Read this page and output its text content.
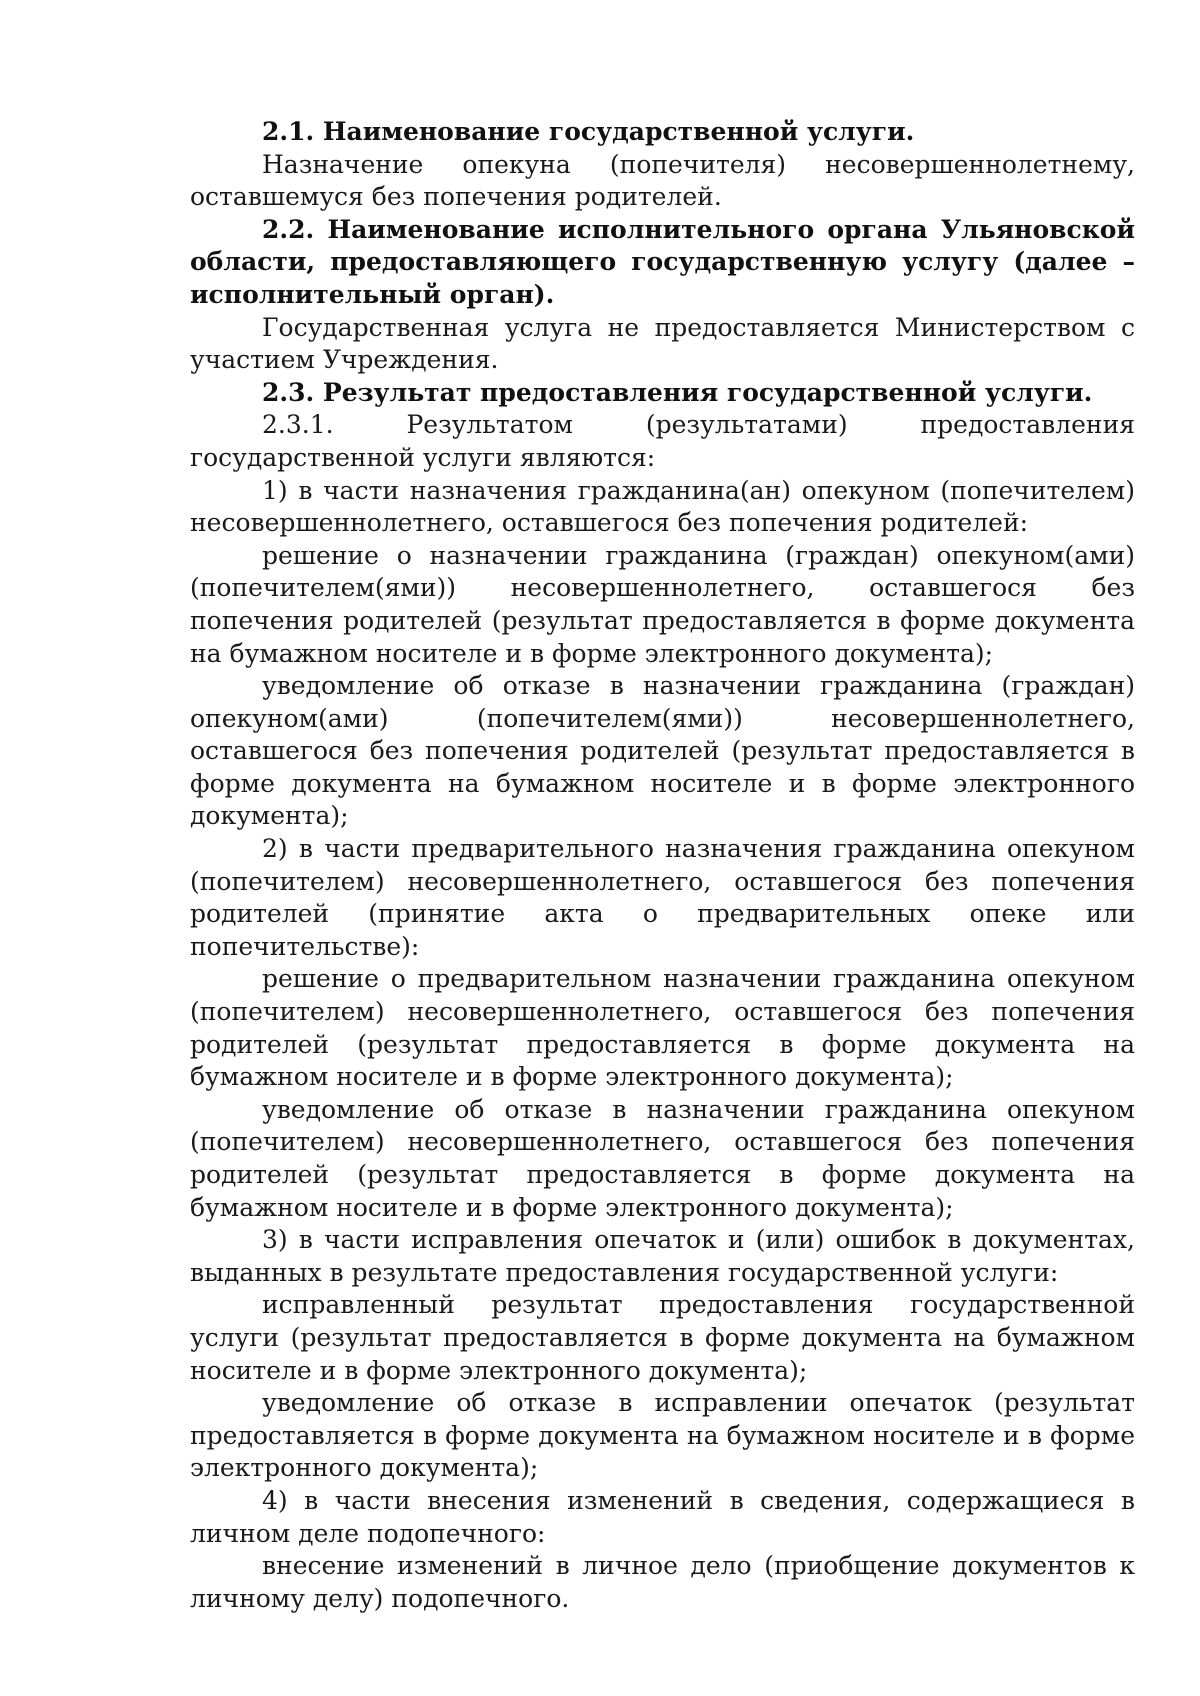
2.1. Наименование государственной услуги.

Назначение опекуна (попечителя) несовершеннолетнему, оставшемуся без попечения родителей.

2.2. Наименование исполнительного органа Ульяновской области, предоставляющего государственную услугу (далее – исполнительный орган).

Государственная услуга не предоставляется Министерством с участием Учреждения.

2.3. Результат предоставления государственной услуги.

2.3.1. Результатом (результатами) предоставления государственной услуги являются:

1) в части назначения гражданина(ан) опекуном (попечителем) несовершеннолетнего, оставшегося без попечения родителей:

решение о назначении гражданина (граждан) опекуном(ами) (попечителем(ями)) несовершеннолетнего, оставшегося без попечения родителей (результат предоставляется в форме документа на бумажном носителе и в форме электронного документа);

уведомление об отказе в назначении гражданина (граждан) опекуном(ами) (попечителем(ями)) несовершеннолетнего, оставшегося без попечения родителей (результат предоставляется в форме документа на бумажном носителе и в форме электронного документа);

2) в части предварительного назначения гражданина опекуном (попечителем) несовершеннолетнего, оставшегося без попечения родителей (принятие акта о предварительных опеке или попечительстве):

решение о предварительном назначении гражданина опекуном (попечителем) несовершеннолетнего, оставшегося без попечения родителей (результат предоставляется в форме документа на бумажном носителе и в форме электронного документа);

уведомление об отказе в назначении гражданина опекуном (попечителем) несовершеннолетнего, оставшегося без попечения родителей (результат предоставляется в форме документа на бумажном носителе и в форме электронного документа);

3) в части исправления опечаток и (или) ошибок в документах, выданных в результате предоставления государственной услуги:

исправленный результат предоставления государственной услуги (результат предоставляется в форме документа на бумажном носителе и в форме электронного документа);

уведомление об отказе в исправлении опечаток (результат предоставляется в форме документа на бумажном носителе и в форме электронного документа);

4) в части внесения изменений в сведения, содержащиеся в личном деле подопечного:

внесение изменений в личное дело (приобщение документов к личному делу) подопечного.
